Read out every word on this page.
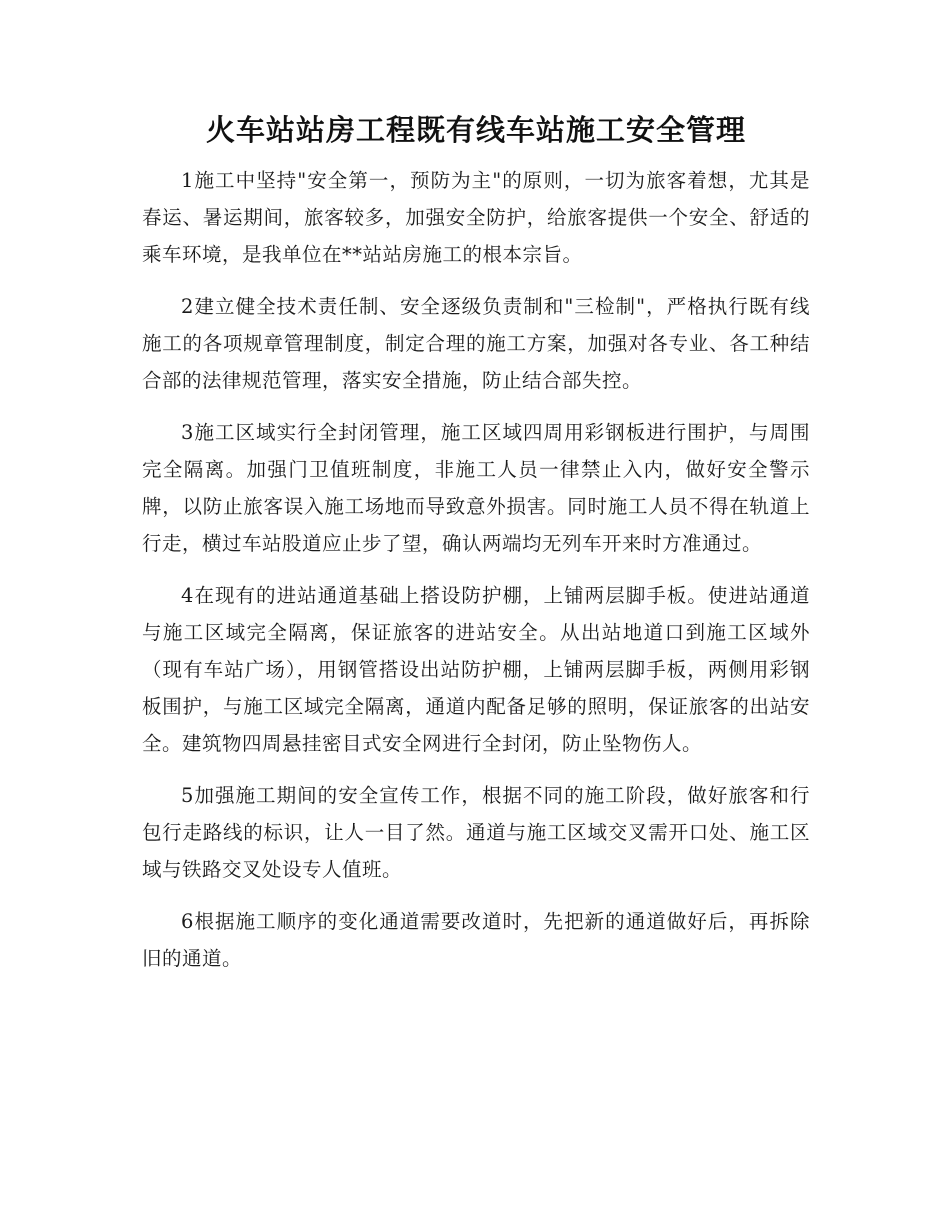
火车站站房工程既有线车站施工安全管理

1施工中坚持"安全第一，预防为主"的原则，一切为旅客着想，尤其是春运、暑运期间，旅客较多，加强安全防护，给旅客提供一个安全、舒适的乘车环境，是我单位在**站站房施工的根本宗旨。

2建立健全技术责任制、安全逐级负责制和"三检制"，严格执行既有线施工的各项规章管理制度，制定合理的施工方案，加强对各专业、各工种结合部的法律规范管理，落实安全措施，防止结合部失控。

3施工区域实行全封闭管理，施工区域四周用彩钢板进行围护，与周围完全隔离。加强门卫值班制度，非施工人员一律禁止入内，做好安全警示牌，以防止旅客误入施工场地而导致意外损害。同时施工人员不得在轨道上行走，横过车站股道应止步了望，确认两端均无列车开来时方准通过。

4在现有的进站通道基础上搭设防护棚，上铺两层脚手板。使进站通道与施工区域完全隔离，保证旅客的进站安全。从出站地道口到施工区域外（现有车站广场），用钢管搭设出站防护棚，上铺两层脚手板，两侧用彩钢板围护，与施工区域完全隔离，通道内配备足够的照明，保证旅客的出站安全。建筑物四周悬挂密目式安全网进行全封闭，防止坠物伤人。

5加强施工期间的安全宣传工作，根据不同的施工阶段，做好旅客和行包行走路线的标识，让人一目了然。通道与施工区域交叉需开口处、施工区域与铁路交叉处设专人值班。

6根据施工顺序的变化通道需要改道时，先把新的通道做好后，再拆除旧的通道。
